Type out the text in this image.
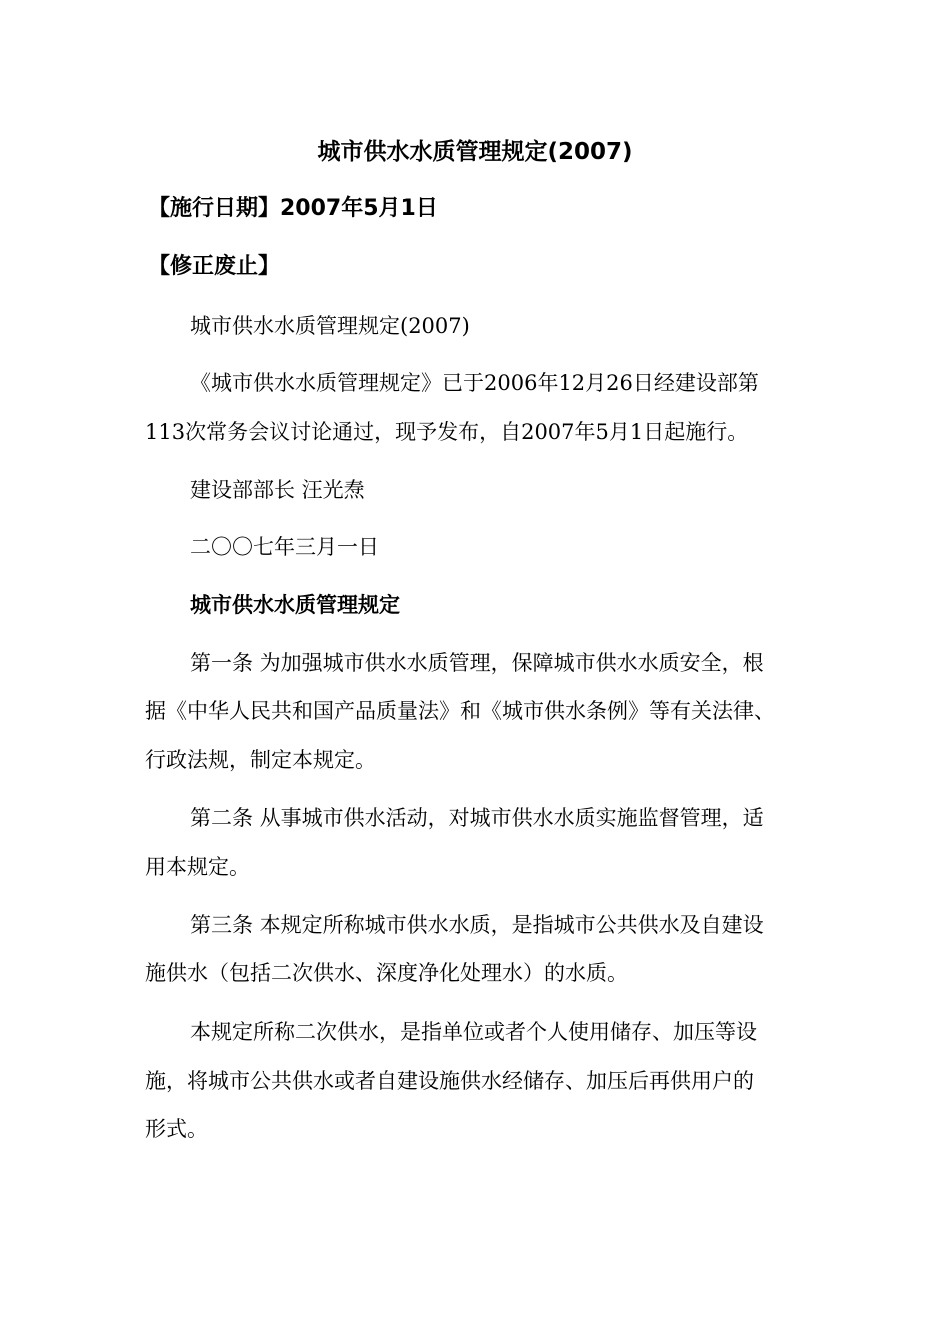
城市供水水质管理规定(2007)
【施行日期】2007年5月1日
【修正废止】
城市供水水质管理规定(2007)
《城市供水水质管理规定》已于2006年12月26日经建设部第
113次常务会议讨论通过，现予发布，自2007年5月1日起施行。
建设部部长 汪光焘
二〇〇七年三月一日
城市供水水质管理规定
第一条 为加强城市供水水质管理，保障城市供水水质安全，根
据《中华人民共和国产品质量法》和《城市供水条例》等有关法律、
行政法规，制定本规定。
第二条 从事城市供水活动，对城市供水水质实施监督管理，适
用本规定。
第三条 本规定所称城市供水水质，是指城市公共供水及自建设
施供水（包括二次供水、深度净化处理水）的水质。
本规定所称二次供水，是指单位或者个人使用储存、加压等设
施，将城市公共供水或者自建设施供水经储存、加压后再供用户的
形式。
